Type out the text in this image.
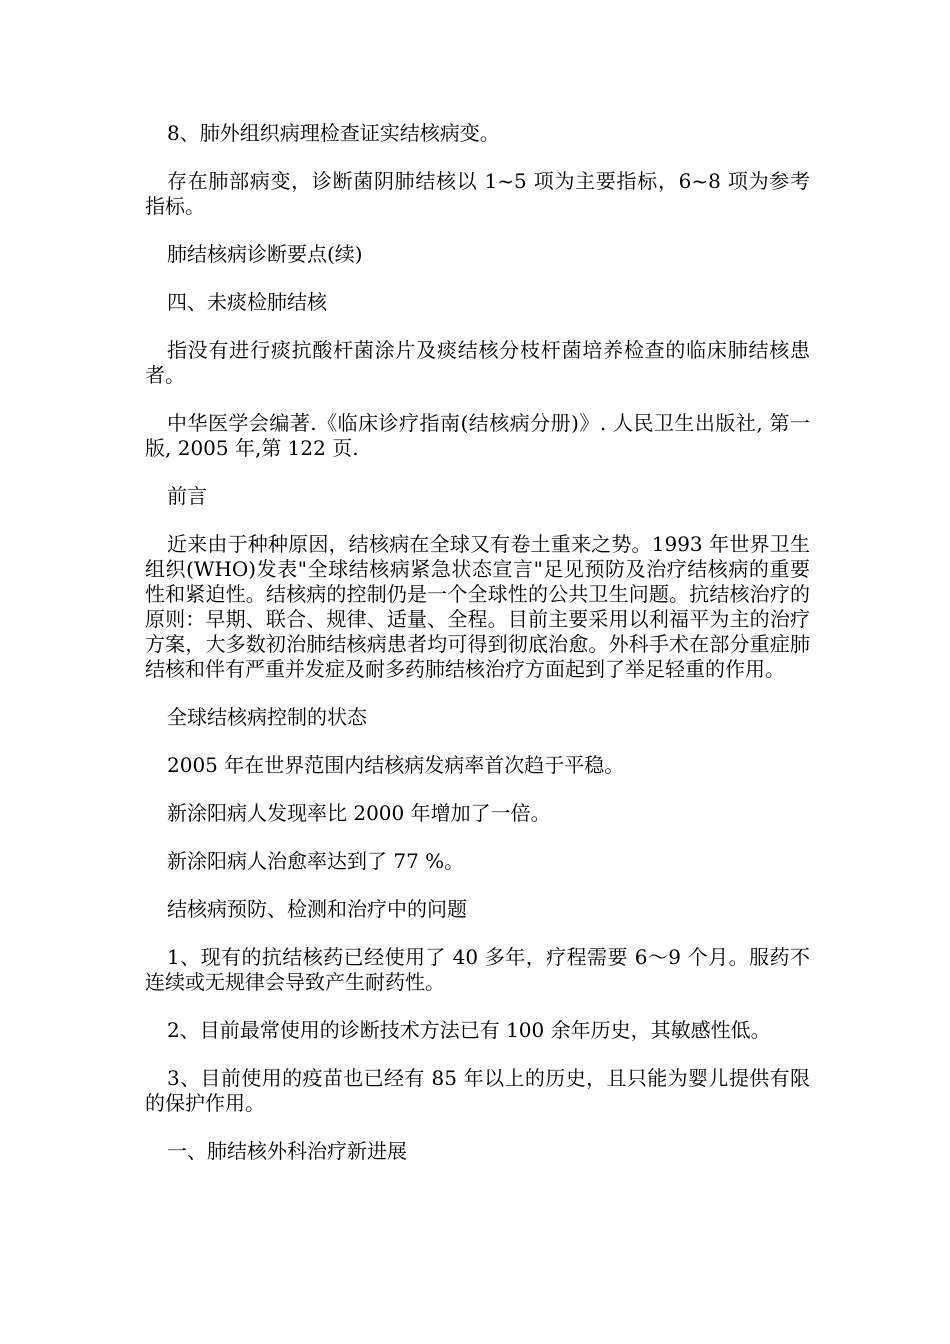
8、肺外组织病理检查证实结核病变。

存在肺部病变，诊断菌阴肺结核以 1~5 项为主要指标，6~8 项为参考指标。

肺结核病诊断要点(续)

四、未痰检肺结核

指没有进行痰抗酸杆菌涂片及痰结核分枝杆菌培养检查的临床肺结核患者。

中华医学会编著.《临床诊疗指南(结核病分册)》. 人民卫生出版社, 第一版, 2005 年,第 122 页.

前言

近来由于种种原因，结核病在全球又有卷土重来之势。1993 年世界卫生组织(WHO)发表"全球结核病紧急状态宣言"足见预防及治疗结核病的重要性和紧迫性。结核病的控制仍是一个全球性的公共卫生问题。抗结核治疗的原则：早期、联合、规律、适量、全程。目前主要采用以利福平为主的治疗方案，大多数初治肺结核病患者均可得到彻底治愈。外科手术在部分重症肺结核和伴有严重并发症及耐多药肺结核治疗方面起到了举足轻重的作用。

全球结核病控制的状态

2005 年在世界范围内结核病发病率首次趋于平稳。

新涂阳病人发现率比 2000 年增加了一倍。

新涂阳病人治愈率达到了 77 %。

结核病预防、检测和治疗中的问题

1、现有的抗结核药已经使用了 40 多年，疗程需要 6～9 个月。服药不连续或无规律会导致产生耐药性。

2、目前最常使用的诊断技术方法已有 100 余年历史，其敏感性低。

3、目前使用的疫苗也已经有 85 年以上的历史，且只能为婴儿提供有限的保护作用。

一、肺结核外科治疗新进展
